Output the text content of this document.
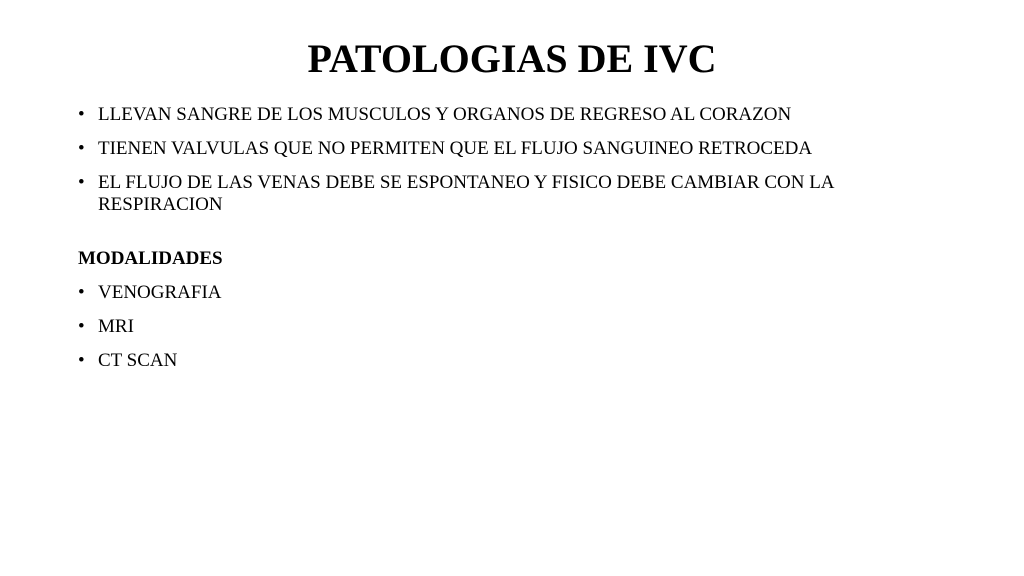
PATOLOGIAS DE IVC
• LLEVAN SANGRE DE LOS MUSCULOS Y ORGANOS DE REGRESO AL CORAZON
• TIENEN VALVULAS QUE NO PERMITEN QUE EL FLUJO SANGUINEO RETROCEDA
• EL FLUJO DE LAS VENAS DEBE SE ESPONTANEO Y FISICO DEBE CAMBIAR CON LA RESPIRACION
MODALIDADES
• VENOGRAFIA
• MRI
• CT SCAN
